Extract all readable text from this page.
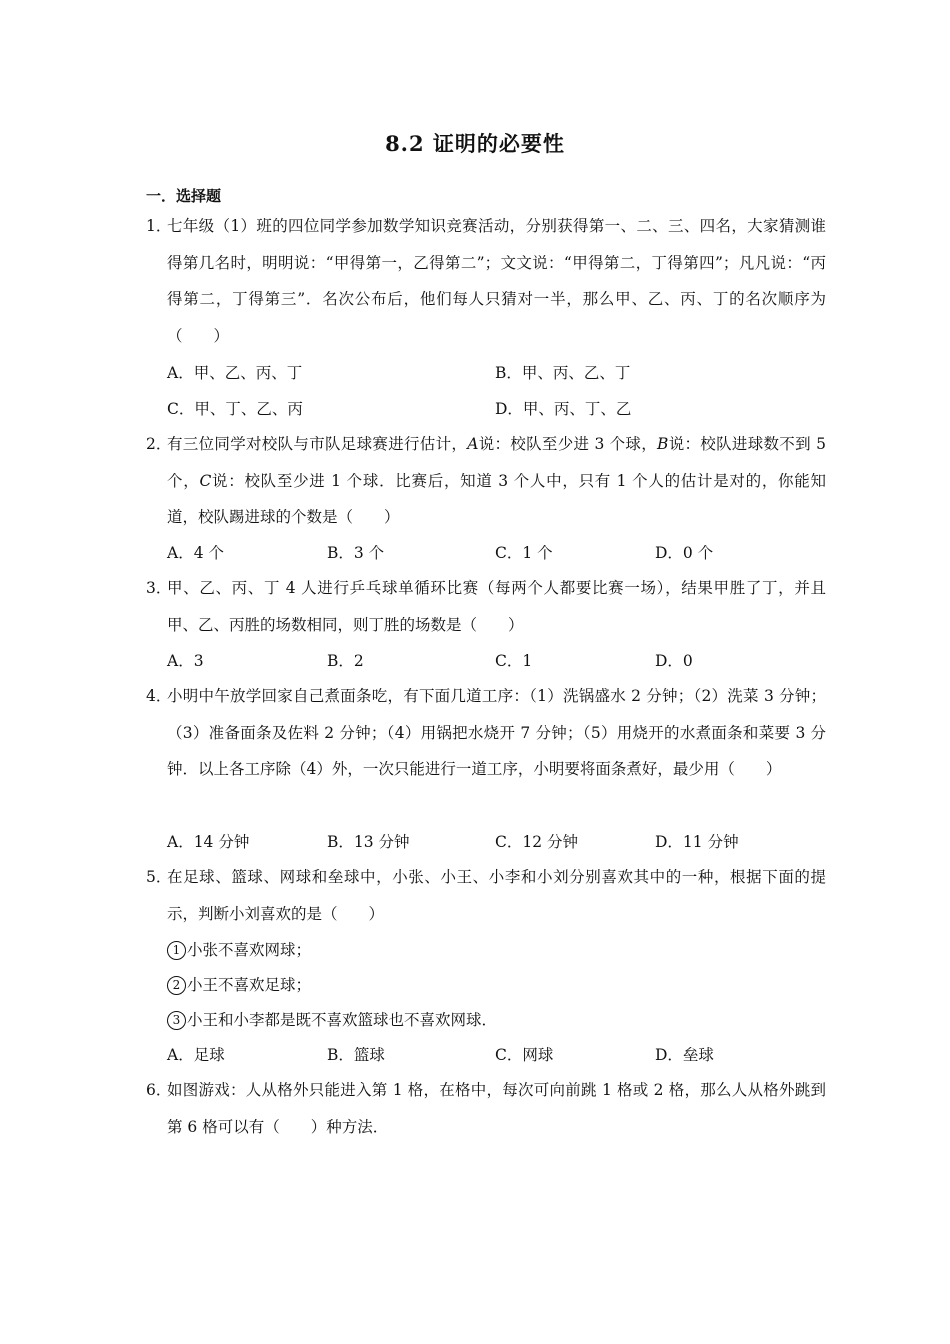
8.2 证明的必要性
一．选择题
1．
七年级（1）班的四位同学参加数学知识竞赛活动，分别获得第一、二、三、四名，大家猜测谁得第几名时，明明说：“甲得第一，乙得第二”；文文说：“甲得第二，丁得第四”；凡凡说：“丙得第二，丁得第三”．名次公布后，他们每人只猜对一半，那么甲、乙、丙、丁的名次顺序为（　　）
A．甲、乙、丙、丁	B．甲、丙、乙、丁
C．甲、丁、乙、丙	D．甲、丙、丁、乙
2．
有三位同学对校队与市队足球赛进行估计，A说：校队至少进 3 个球，B说：校队进球数不到 5 个，C说：校队至少进 1 个球．比赛后，知道 3 个人中，只有 1 个人的估计是对的，你能知道，校队踢进球的个数是（　　）
A．4 个	B．3 个	C．1 个	D．0 个
3．
甲、乙、丙、丁 4 人进行乒乓球单循环比赛（每两个人都要比赛一场），结果甲胜了丁，并且甲、乙、丙胜的场数相同，则丁胜的场数是（　　）
A．3	B．2	C．1	D．0
4．
小明中午放学回家自己煮面条吃，有下面几道工序：（1）洗锅盛水 2 分钟；（2）洗菜 3 分钟；（3）准备面条及佐料 2 分钟；（4）用锅把水烧开 7 分钟；（5）用烧开的水煮面条和菜要 3 分钟．以上各工序除（4）外，一次只能进行一道工序，小明要将面条煮好，最少用（　　）
A．14 分钟	B．13 分钟	C．12 分钟	D．11 分钟
5．
在足球、篮球、网球和垒球中，小张、小王、小李和小刘分别喜欢其中的一种，根据下面的提示，判断小刘喜欢的是（　　）
1 小张不喜欢网球；
2 小王不喜欢足球；
3 小王和小李都是既不喜欢篮球也不喜欢网球．
A．足球	B．篮球	C．网球	D．垒球
6．
如图游戏：人从格外只能进入第 1 格，在格中，每次可向前跳 1 格或 2 格，那么人从格外跳到第 6 格可以有（　　）种方法．
